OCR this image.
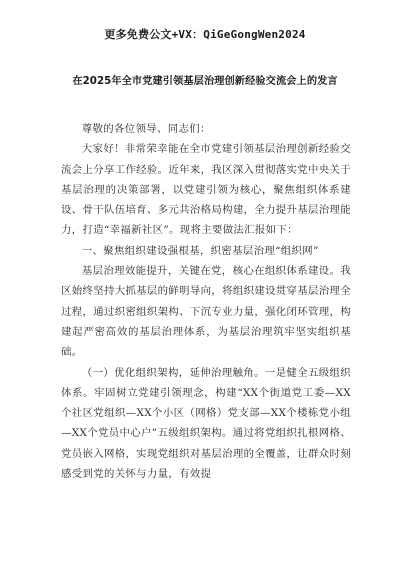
更多免费公文+VX：QiGeGongWen2024
在2025年全市党建引领基层治理创新经验交流会上的发言

尊敬的各位领导、同志们：

大家好！非常荣幸能在全市党建引领基层治理创新经验交流会上分享工作经验。近年来，我区深入贯彻落实党中央关于基层治理的决策部署，以党建引领为核心，聚焦组织体系建设、骨干队伍培育、多元共治格局构建，全力提升基层治理能力，打造“幸福新社区”。现将主要做法汇报如下：

一、聚焦组织建设强根基，织密基层治理“组织网”

基层治理效能提升，关键在党，核心在组织体系建设。我区始终坚持大抓基层的鲜明导向，将组织建设贯穿基层治理全过程，通过织密组织架构、下沉专业力量，强化闭环管理，构建起严密高效的基层治理体系，为基层治理筑牢坚实组织基础。

（一）优化组织架构，延伸治理触角。一是健全五级组织体系。牢固树立党建引领理念，构建“XX个街道党工委—XX个社区党组织—XX个小区（网格）党支部—XX个楼栋党小组—XX个党员中心户”五级组织架构。通过将党组织扎根网格、党员嵌入网格，实现党组织对基层治理的全覆盖，让群众时刻感受到党的关怀与力量，有效提
